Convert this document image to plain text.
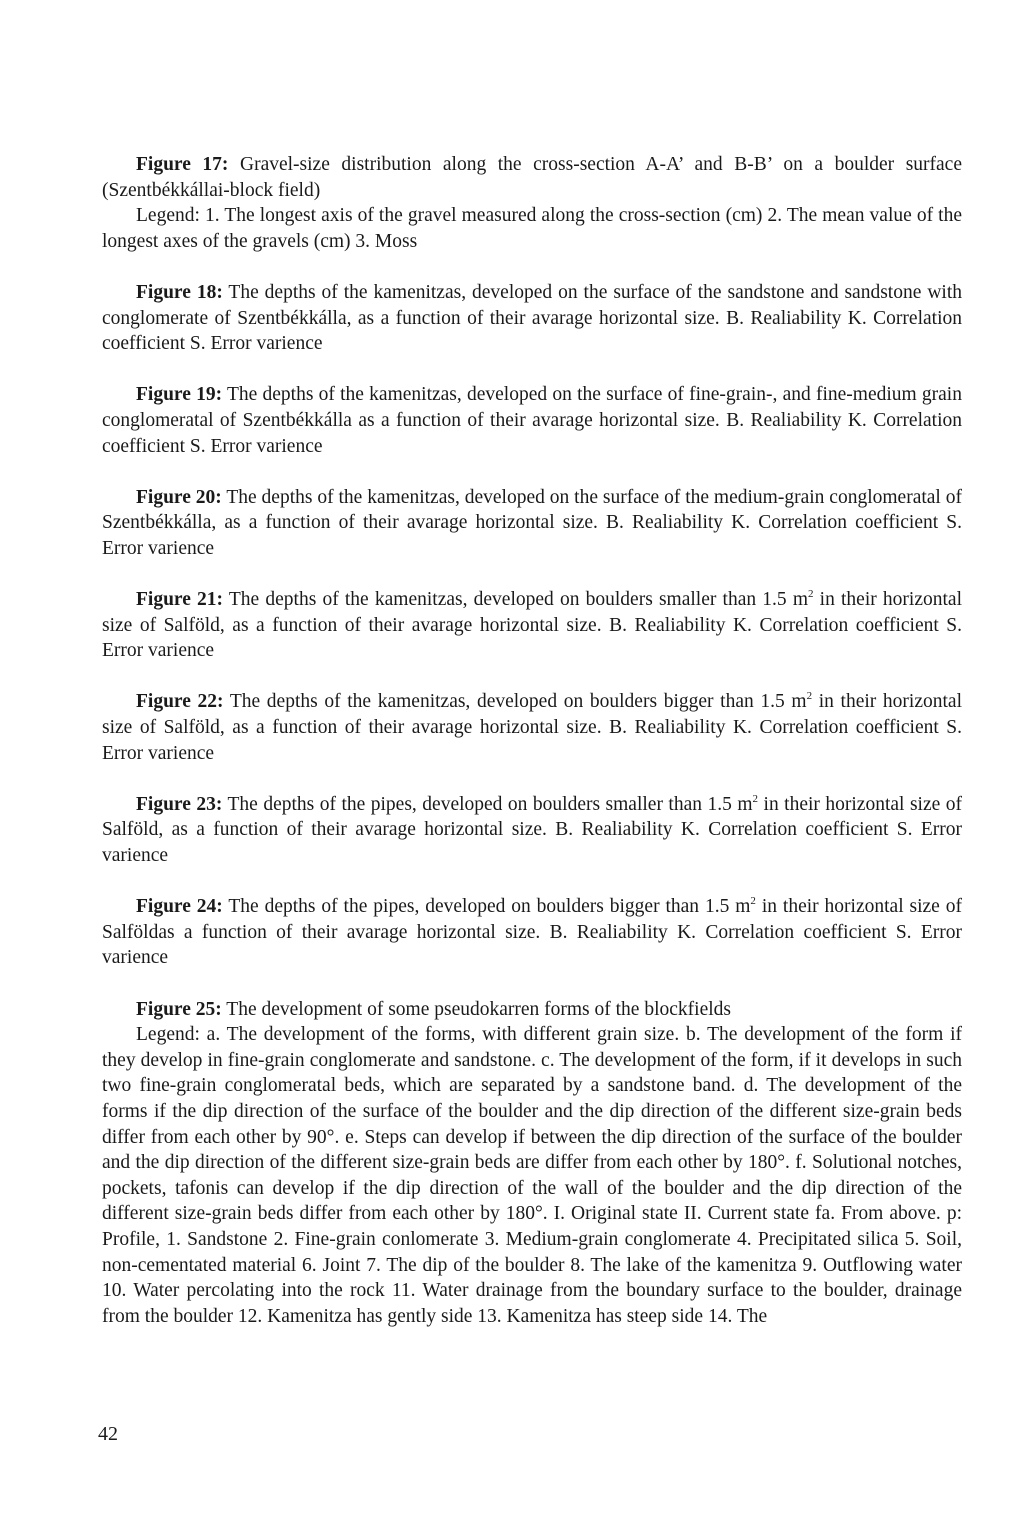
Figure 17: Gravel-size distribution along the cross-section A-A’ and B-B’ on a boulder surface (Szentbékkállai-block field)

Legend: 1. The longest axis of the gravel measured along the cross-section (cm) 2. The mean value of the longest axes of the gravels (cm) 3. Moss

Figure 18: The depths of the kamenitzas, developed on the surface of the sandstone and sandstone with conglomerate of Szentbékkálla, as a function of their avarage horizontal size. B. Realiability K. Correlation coefficient S. Error varience

Figure 19: The depths of the kamenitzas, developed on the surface of fine-grain-, and fine-medium grain conglomeratal of Szentbékkálla as a function of their avarage horizontal size. B. Realiability K. Correlation coefficient S. Error varience

Figure 20: The depths of the kamenitzas, developed on the surface of the medium-grain conglomeratal of Szentbékkálla, as a function of their avarage horizontal size. B. Realiability K. Correlation coefficient S. Error varience

Figure 21: The depths of the kamenitzas, developed on boulders smaller than 1.5 $m^2$ in their horizontal size of Salföld, as a function of their avarage horizontal size. B. Realiability K. Correlation coefficient S. Error varience

Figure 22: The depths of the kamenitzas, developed on boulders bigger than 1.5 $m^2$ in their horizontal size of Salföld, as a function of their avarage horizontal size. B. Realiability K. Correlation coefficient S. Error varience

Figure 23: The depths of the pipes, developed on boulders smaller than 1.5 $m^2$ in their horizontal size of Salföld, as a function of their avarage horizontal size. B. Realiability K. Correlation coefficient S. Error varience

Figure 24: The depths of the pipes, developed on boulders bigger than 1.5 $m^2$ in their horizontal size of Salföldas a function of their avarage horizontal size. B. Realiability K. Correlation coefficient S. Error varience

Figure 25: The development of some pseudokarren forms of the blockfields

Legend: a. The development of the forms, with different grain size. b. The development of the form if they develop in fine-grain conglomerate and sandstone. c. The development of the form, if it develops in such two fine-grain conglomeratal beds, which are separated by a sandstone band. d. The development of the forms if the dip direction of the surface of the boulder and the dip direction of the different size-grain beds differ from each other by 90°. e. Steps can develop if between the dip direction of the surface of the boulder and the dip direction of the different size-grain beds are differ from each other by 180°. f. Solutional notches, pockets, tafonis can develop if the dip direction of the wall of the boulder and the dip direction of the different size-grain beds differ from each other by 180°. I. Original state II. Current state fa. From above. p: Profile, 1. Sandstone 2. Fine-grain conlomerate 3. Medium-grain conglomerate 4. Precipitated silica 5. Soil, non-cementated material 6. Joint 7. The dip of the boulder 8. The lake of the kamenitza 9. Outflowing water 10. Water percolating into the rock 11. Water drainage from the boundary surface to the boulder, drainage from the boulder 12. Kamenitza has gently side 13. Kamenitza has steep side 14. The

42
